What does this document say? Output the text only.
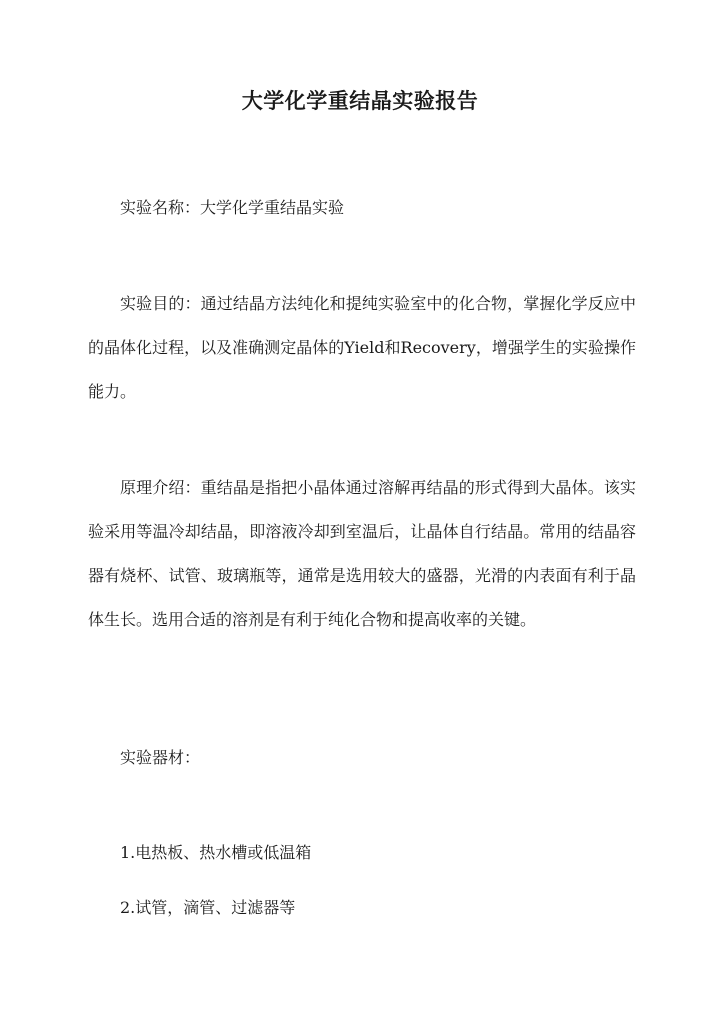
大学化学重结晶实验报告
实验名称：大学化学重结晶实验
实验目的：通过结晶方法纯化和提纯实验室中的化合物，掌握化学反应中的晶体化过程，以及准确测定晶体的Yield和Recovery，增强学生的实验操作能力。
原理介绍：重结晶是指把小晶体通过溶解再结晶的形式得到大晶体。该实验采用等温冷却结晶，即溶液冷却到室温后，让晶体自行结晶。常用的结晶容器有烧杯、试管、玻璃瓶等，通常是选用较大的盛器，光滑的内表面有利于晶体生长。选用合适的溶剂是有利于纯化合物和提高收率的关键。
实验器材：
1.电热板、热水槽或低温箱
2.试管，滴管、过滤器等
